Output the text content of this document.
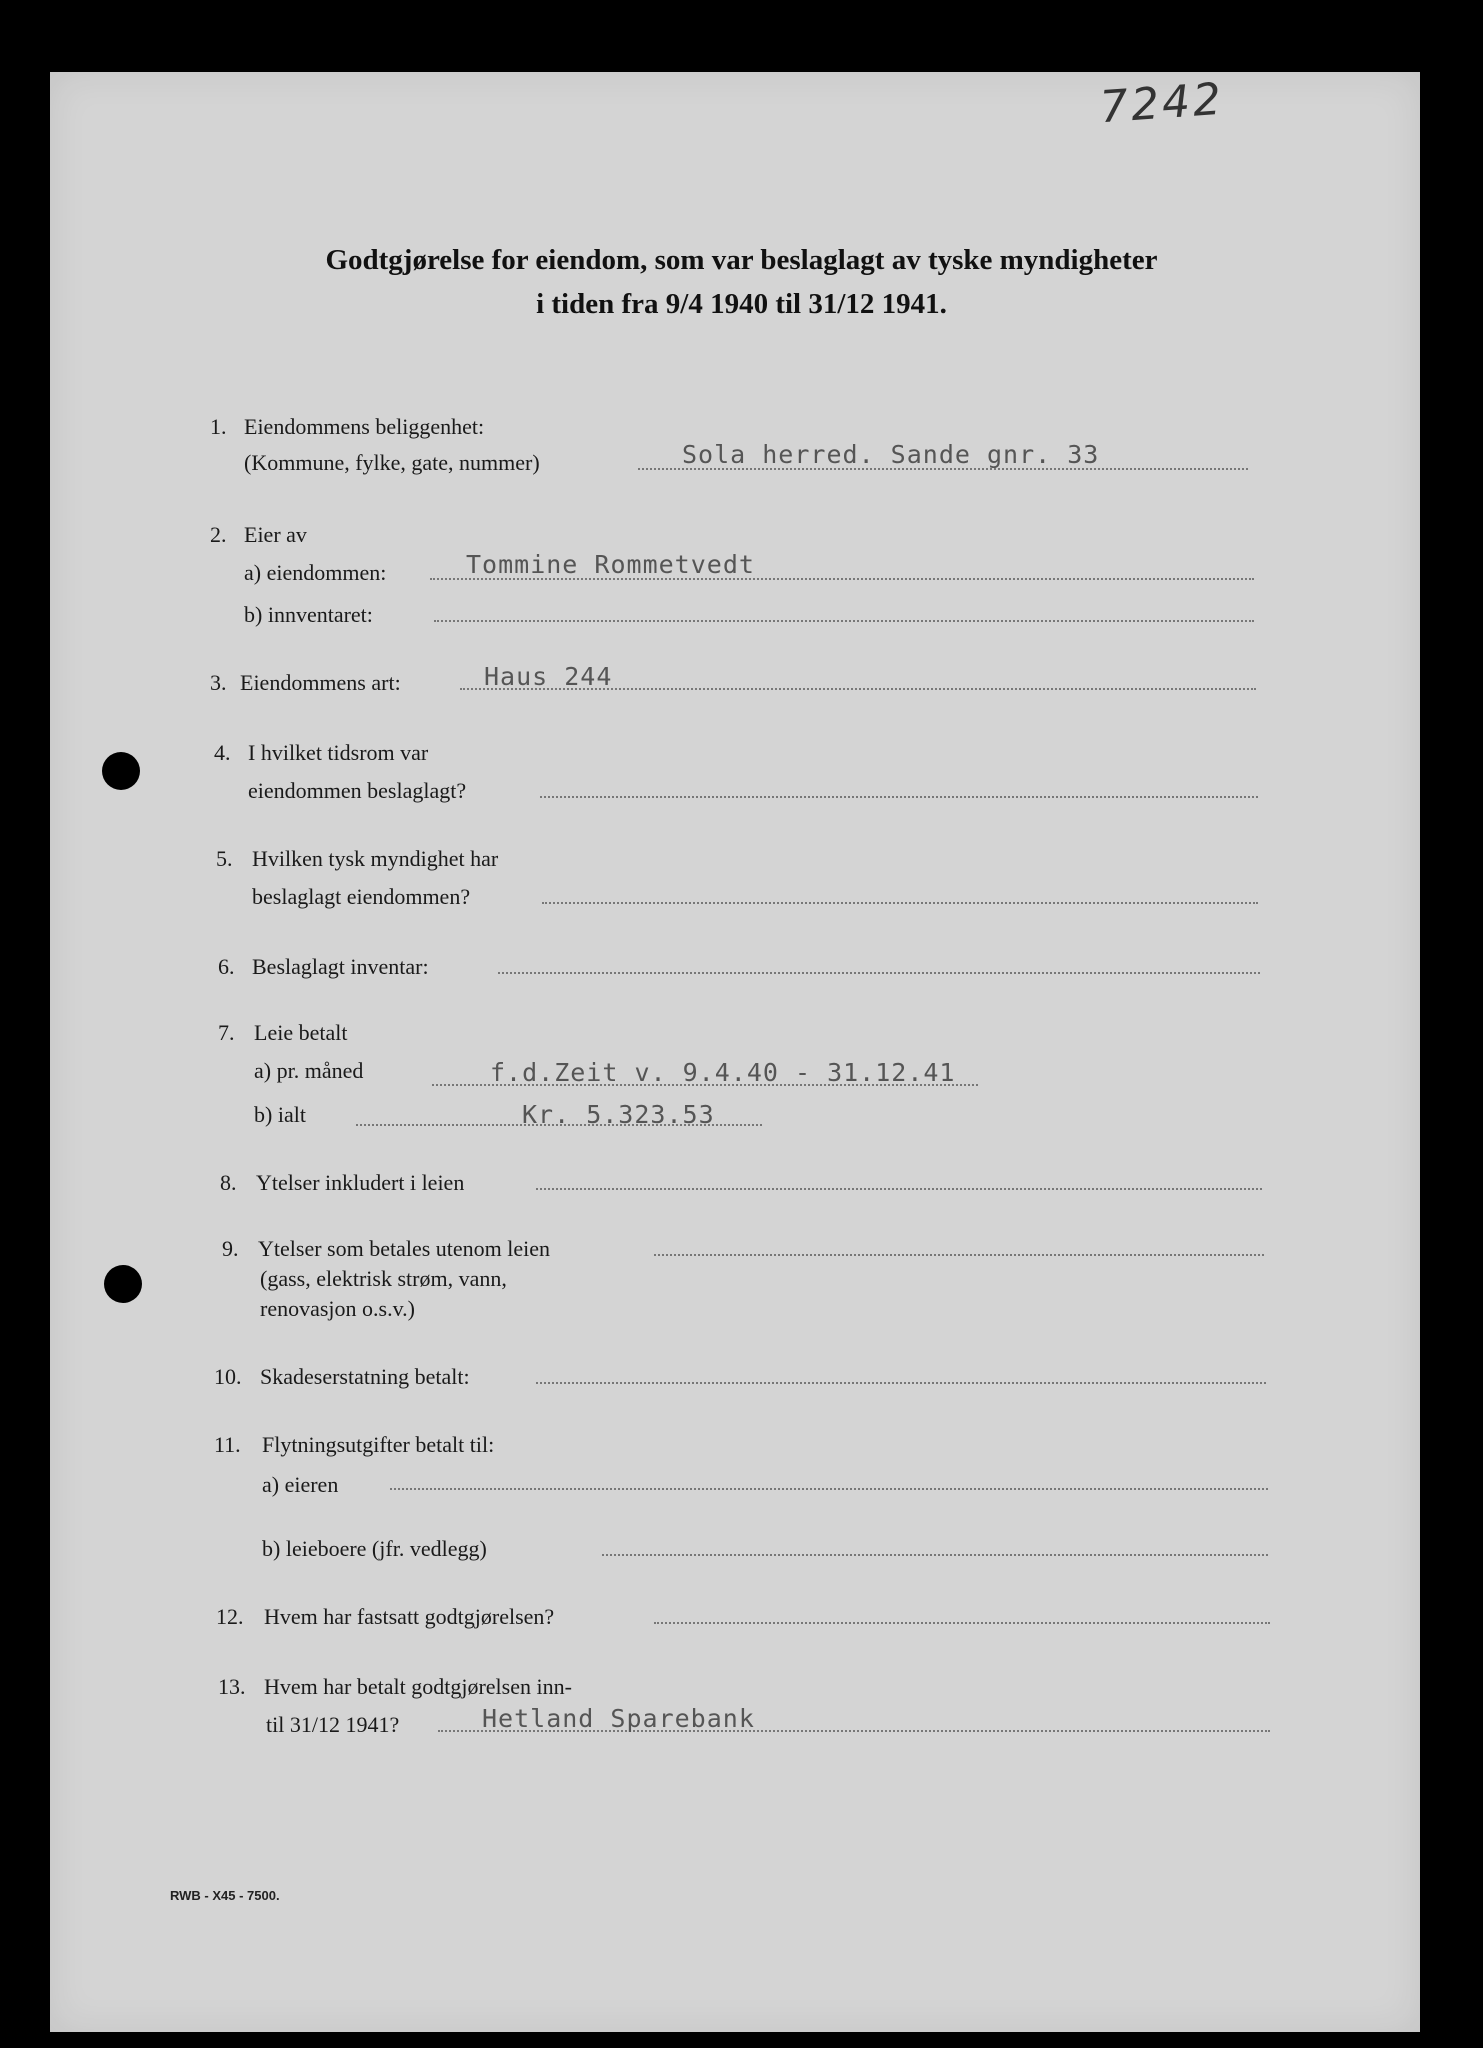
7242
Godtgjørelse for eiendom, som var beslaglagt av tyske myndigheter
i tiden fra 9/4 1940 til 31/12 1941.
1. Eiendommens beliggenhet:
(Kommune, fylke, gate, nummer)	Sola herred. Sande gnr. 33
2. Eier av
a) eiendommen:	Tommine Rommetvedt
b) innventaret:
3. Eiendommens art:	Haus 244
4. I hvilket tidsrom var
eiendommen beslaglagt?
5. Hvilken tysk myndighet har
beslaglagt eiendommen?
6. Beslaglagt inventar:
7. Leie betalt
a) pr. måned	f.d.Zeit v. 9.4.40 - 31.12.41
b) ialt	Kr. 5.323.53
8. Ytelser inkludert i leien
9. Ytelser som betales utenom leien
(gass, elektrisk strøm, vann,
renovasjon o.s.v.)
10. Skadeserstatning betalt:
11. Flytningsutgifter betalt til:
a) eieren
b) leieboere (jfr. vedlegg)
12. Hvem har fastsatt godtgjørelsen?
13. Hvem har betalt godtgjørelsen inn-
til 31/12 1941?	Hetland Sparebank
RWB - X45 - 7500.
